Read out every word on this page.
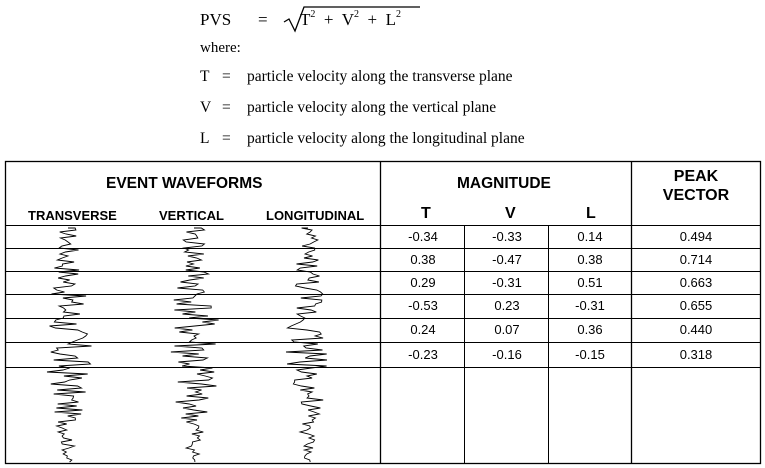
PVS = $T^2 + V^2 + L^2$
where:
T = particle velocity along the transverse plane
V = particle velocity along the vertical plane
L = particle velocity along the longitudinal plane
EVENT WAVEFORMS	MAGNITUDE	PEAK
VECTOR
TRANSVERSE	VERTICAL	LONGITUDINAL	T	V	L
-0.34	-0.33	0.14	0.494
0.38	-0.47	0.38	0.714
0.29	-0.31	0.51	0.663
-0.53	0.23	-0.31	0.655
0.24	0.07	0.36	0.440
-0.23	-0.16	-0.15	0.318
